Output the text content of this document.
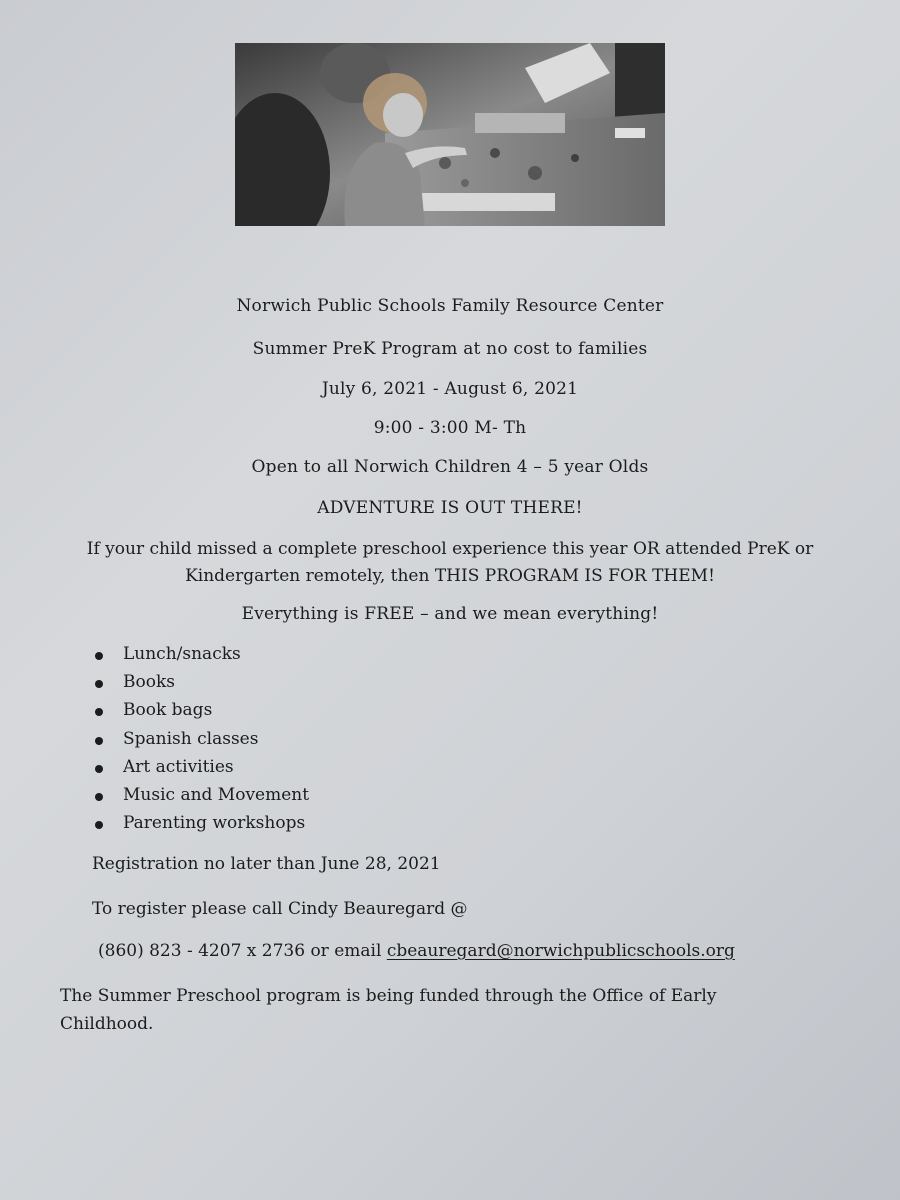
Norwich Public Schools Family Resource Center
Summer PreK Program at no cost to families
July 6, 2021 - August 6, 2021
9:00 - 3:00 M- Th
Open to all Norwich Children 4 – 5 year Olds
ADVENTURE IS OUT THERE!
If your child missed a complete preschool experience this year OR attended PreK or Kindergarten remotely, then THIS PROGRAM IS FOR THEM!
Everything is FREE – and we mean everything!
Lunch/snacks
Books
Book bags
Spanish classes
Art activities
Music and Movement
Parenting workshops
Registration no later than June 28, 2021
To register please call Cindy Beauregard @
(860) 823 - 4207 x 2736 or email cbeauregard@norwichpublicschools.org
The Summer Preschool program is being funded through the Office of Early Childhood.
